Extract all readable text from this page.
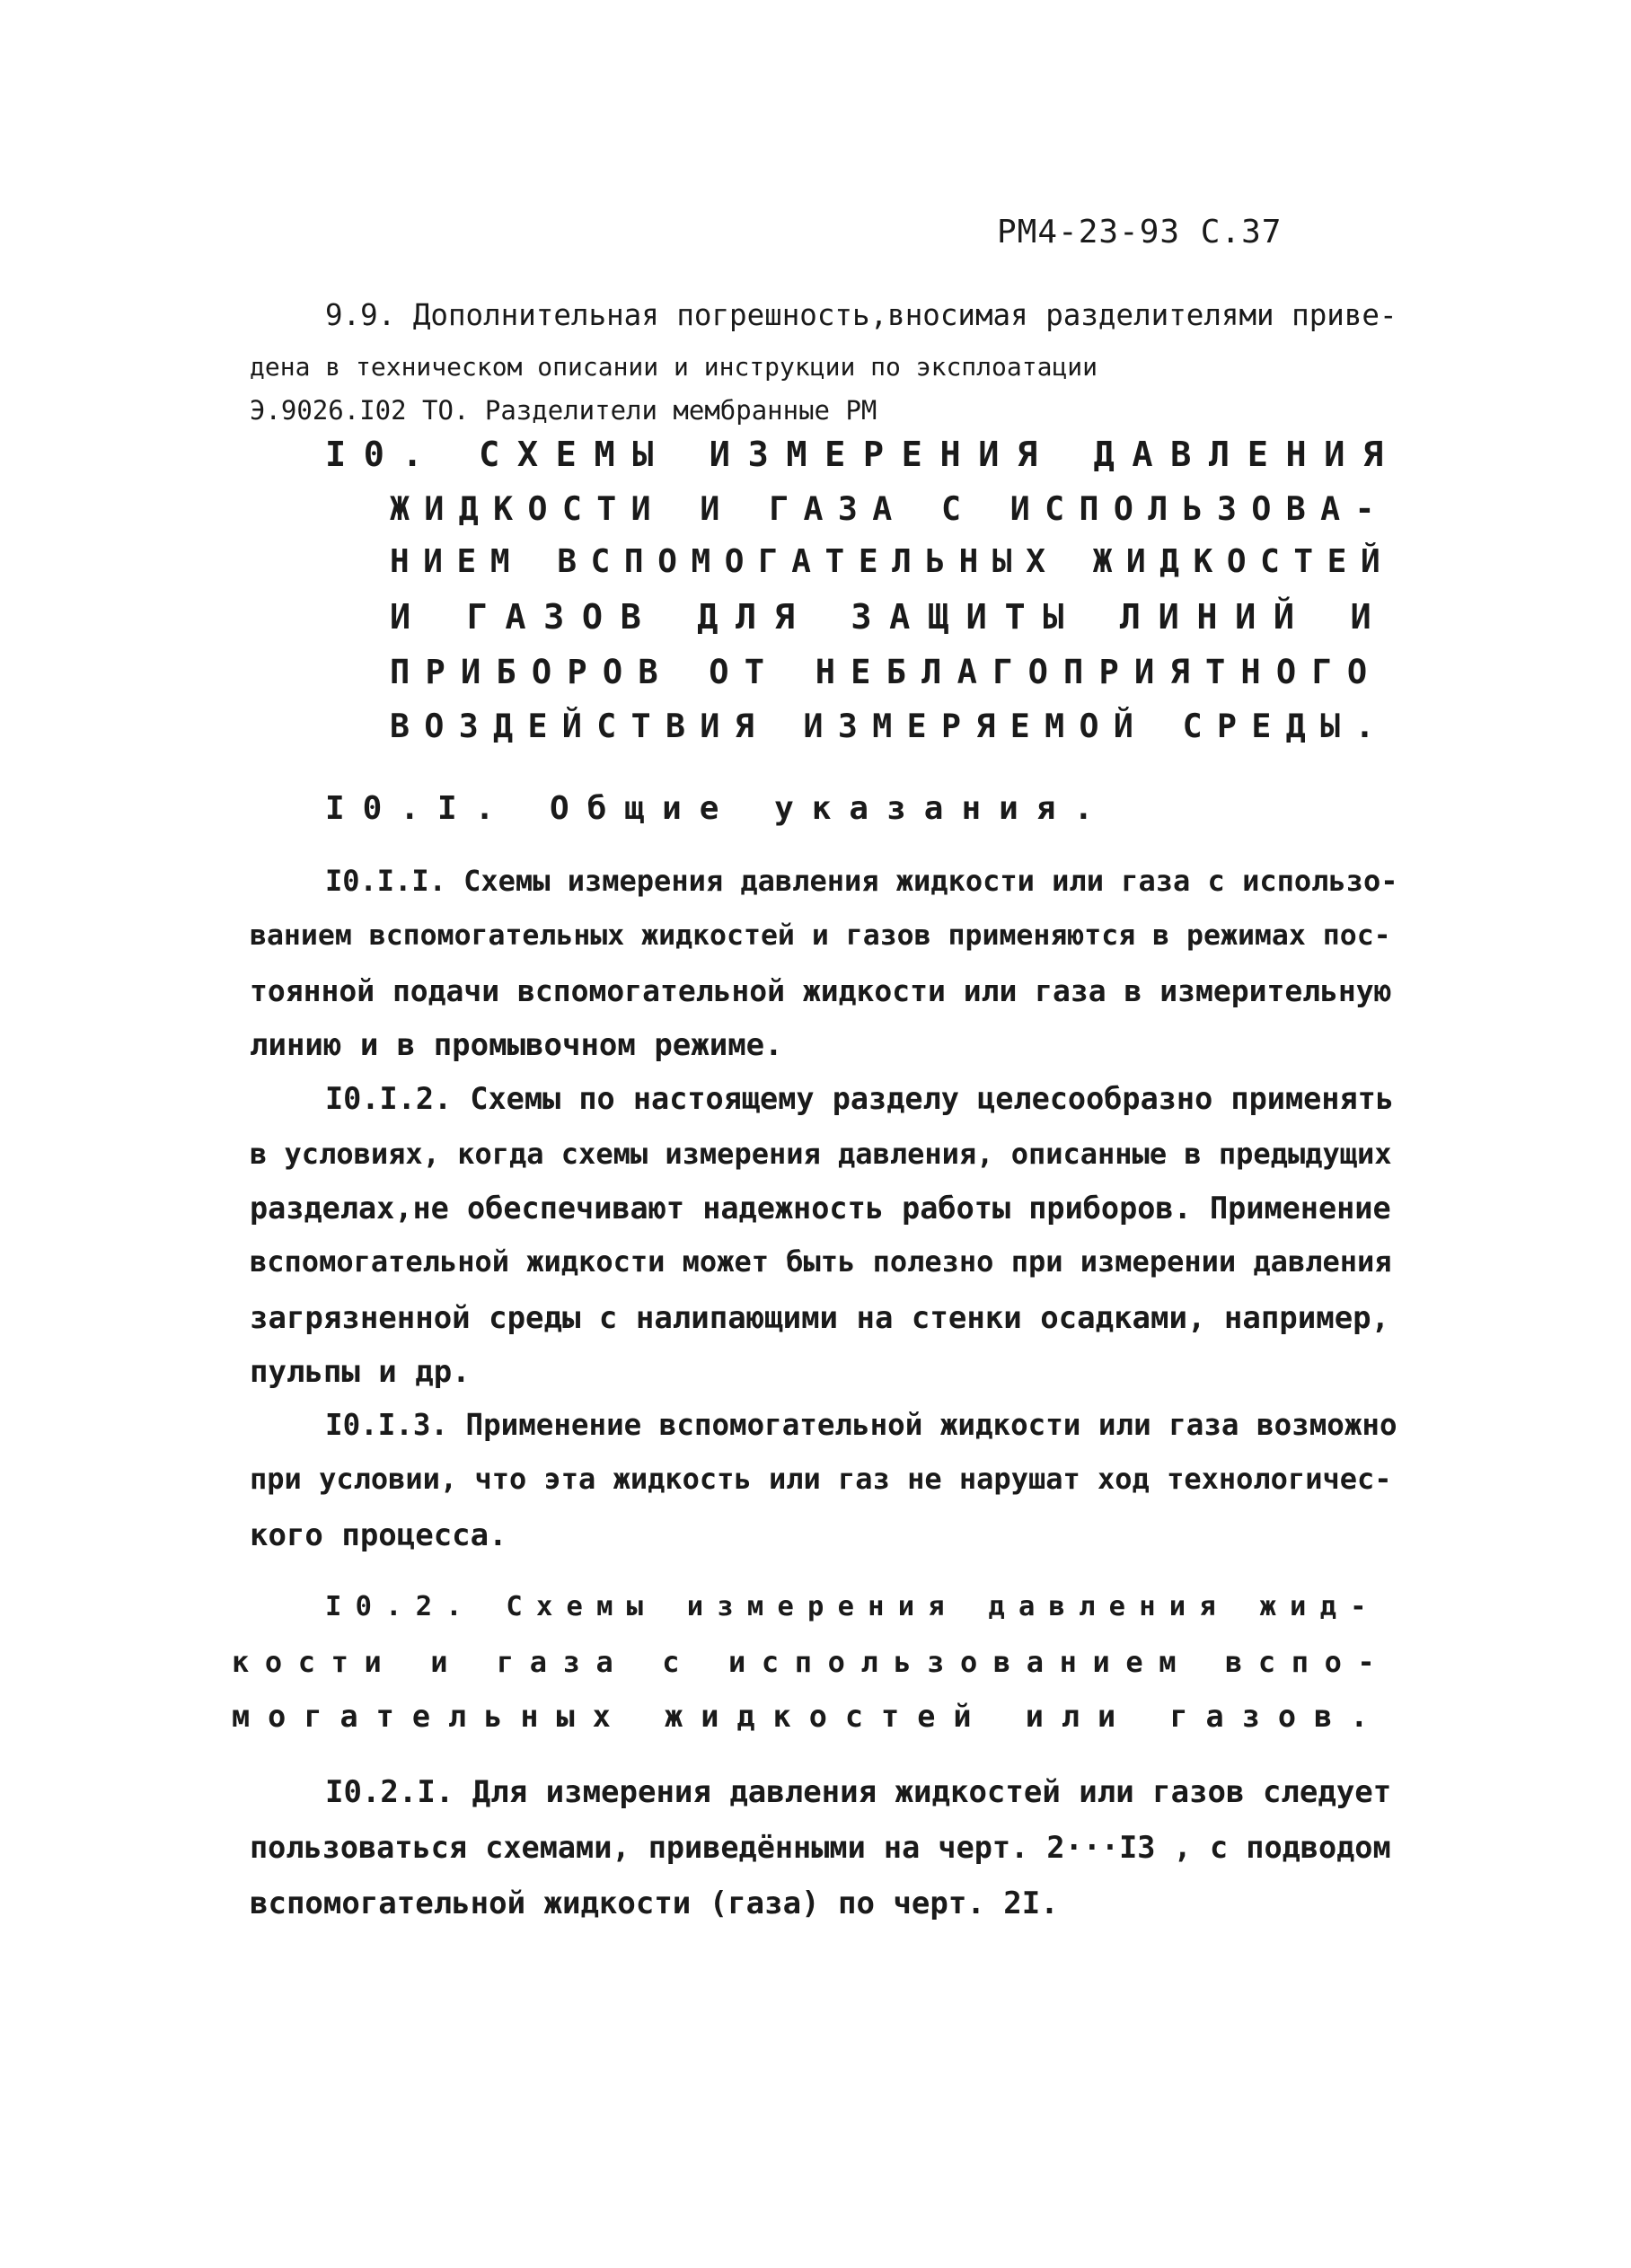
РМ4-23-93 С.37
9.9. Дополнительная погрешность,вносимая разделителями приве-
дена в техническом описании и инструкции по эксплоатации
Э.9026.I02 ТО. Разделители мембранные РМ
I0. СХЕМЫ ИЗМЕРЕНИЯ ДАВЛЕНИЯ
ЖИДКОСТИ И ГАЗА С ИСПОЛЬЗОВА-
НИЕМ ВСПОМОГАТЕЛЬНЫХ ЖИДКОСТЕЙ
И ГАЗОВ ДЛЯ ЗАЩИТЫ ЛИНИЙ И
ПРИБОРОВ ОТ НЕБЛАГОПРИЯТНОГО
ВОЗДЕЙСТВИЯ ИЗМЕРЯЕМОЙ СРЕДЫ.
I0.I. Общие указания.
I0.I.I. Схемы измерения давления жидкости или газа с использо-
ванием вспомогательных жидкостей и газов применяются в режимах пос-
тоянной подачи вспомогательной жидкости или газа в измерительную
линию и в промывочном режиме.
I0.I.2. Схемы по настоящему разделу целесообразно применять
в условиях, когда схемы измерения давления, описанные в предыдущих
разделах,не обеспечивают надежность работы приборов. Применение
вспомогательной жидкости может быть полезно при измерении давления
загрязненной среды с налипающими на стенки осадками, например,
пульпы и др.
I0.I.3. Применение вспомогательной жидкости или газа возможно
при условии, что эта жидкость или газ не нарушат ход технологичес-
кого процесса.
I0.2. Схемы измерения давления жид-
кости и газа с использованием вспо-
могательных жидкостей или газов.
I0.2.I. Для измерения давления жидкостей или газов следует
пользоваться схемами, приведёнными на черт. 2···I3 , с подводом
вспомогательной жидкости (газа) по черт. 2I.
